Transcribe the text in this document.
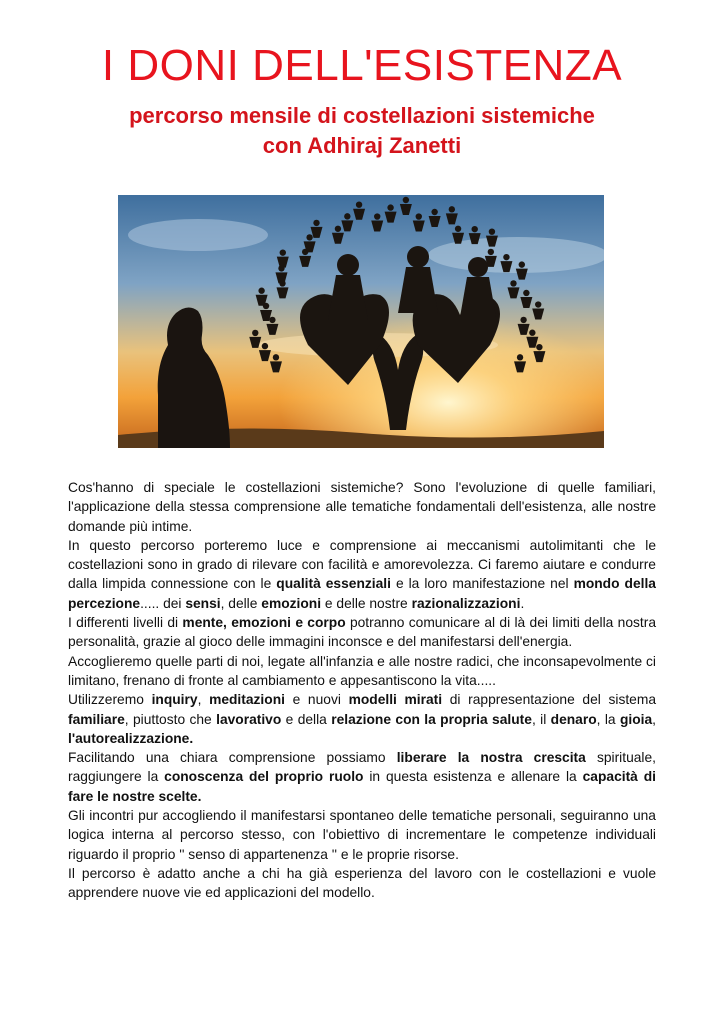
I DONI DELL'ESISTENZA
percorso mensile di costellazioni sistemiche
con Adhiraj Zanetti

Cos'hanno di speciale le costellazioni sistemiche? Sono l'evoluzione di quelle familiari, l'applicazione della stessa comprensione alle tematiche fondamentali dell'esistenza, alle nostre domande più intime.

In questo percorso porteremo luce e comprensione ai meccanismi autolimitanti che le costellazioni sono in grado di rilevare con facilità e amorevolezza. Ci faremo aiutare e condurre dalla limpida connessione con le qualità essenziali e la loro manifestazione nel mondo della percezione..... dei sensi, delle emozioni e delle nostre razionalizzazioni.

I differenti livelli di mente, emozioni e corpo potranno comunicare al di là dei limiti della nostra personalità, grazie al gioco delle immagini inconsce e del manifestarsi dell'energia.

Accoglieremo quelle parti di noi, legate all'infanzia e alle nostre radici, che inconsapevolmente ci limitano, frenano di fronte al cambiamento e appesantiscono la vita.....

Utilizzeremo inquiry, meditazioni e nuovi modelli mirati di rappresentazione del sistema familiare, piuttosto che lavorativo e della relazione con la propria salute, il denaro, la gioia, l'autorealizzazione.

Facilitando una chiara comprensione possiamo liberare la nostra crescita spirituale, raggiungere la conoscenza del proprio ruolo in questa esistenza e allenare la capacità di fare le nostre scelte.

Gli incontri pur accogliendo il manifestarsi spontaneo delle tematiche personali, seguiranno una logica interna al percorso stesso, con l'obiettivo di incrementare le competenze individuali riguardo il proprio '' senso di appartenenza '' e le proprie risorse.

Il percorso è adatto anche a chi ha già esperienza del lavoro con le costellazioni e vuole apprendere nuove vie ed applicazioni del modello.
